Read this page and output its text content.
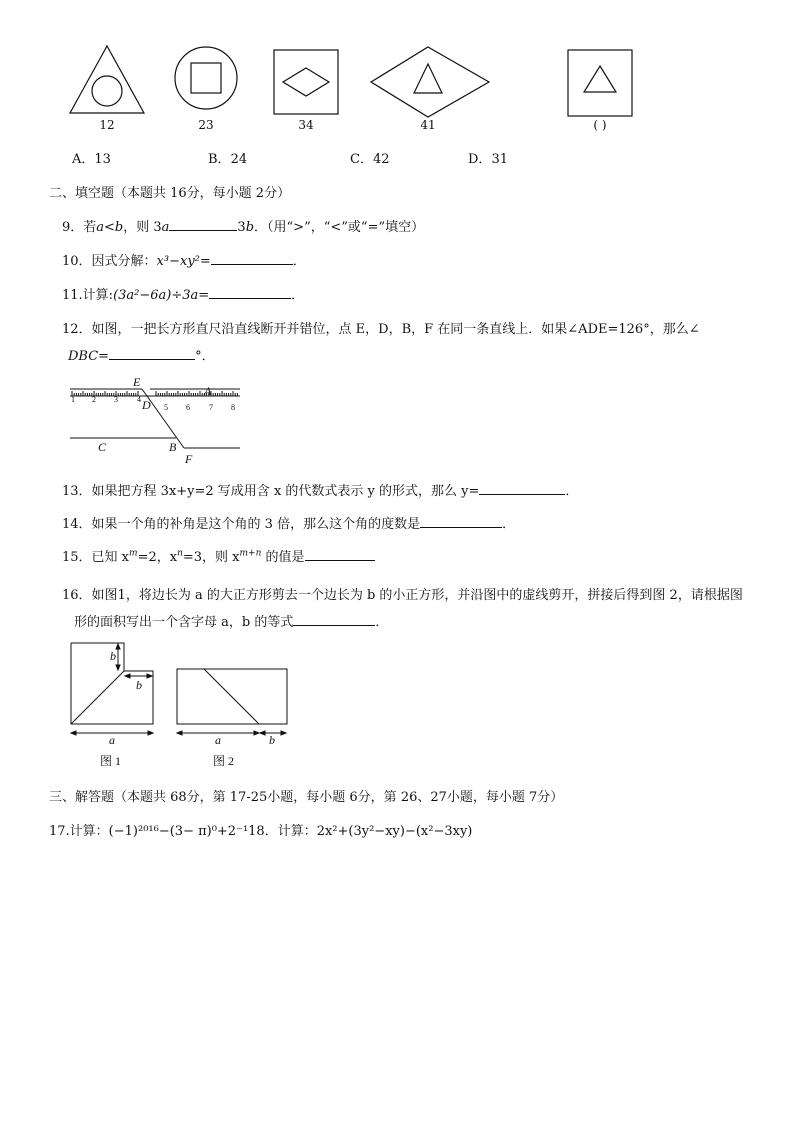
12	23	34	41	( )
A．13	B．24	C．42	D．31
二、填空题（本题共 16分，每小题 2分）
9．若a<b，则 3a	3b．（用“>”，“<”或“=”填空）
10．因式分解：x³−xy²=	．
11.计算:(3a²−6a)÷3a=	．
12．如图，一把长方形直尺沿直线断开并错位，点 E，D，B，F 在同一条直线上．如果∠ADE=126°，那么∠
DBC=	°．
1 2 3 4
5 6 7 8
E
A
D
C	B
F
13．如果把方程 3x+y=2 写成用含 x 的代数式表示 y 的形式，那么 y=	．
14．如果一个角的补角是这个角的 3 倍，那么这个角的度数是	．
15．已知 $x^m=2$，$x^n=3$，则 $x^{m+n}$ 的值是
16．如图1，将边长为 a 的大正方形剪去一个边长为 b 的小正方形，并沿图中的虚线剪开，拼接后得到图 2，请根据图
形的面积写出一个含字母 a，b 的等式	．
b
b
a	a	b
图 1	图 2
三、解答题（本题共 68分，第 17-25小题，每小题 6分，第 26、27小题，每小题 7分）
17.计算：(−1)²⁰¹⁶−(3− π)⁰+2⁻¹18．计算：2x²+(3y²−xy)−(x²−3xy)
